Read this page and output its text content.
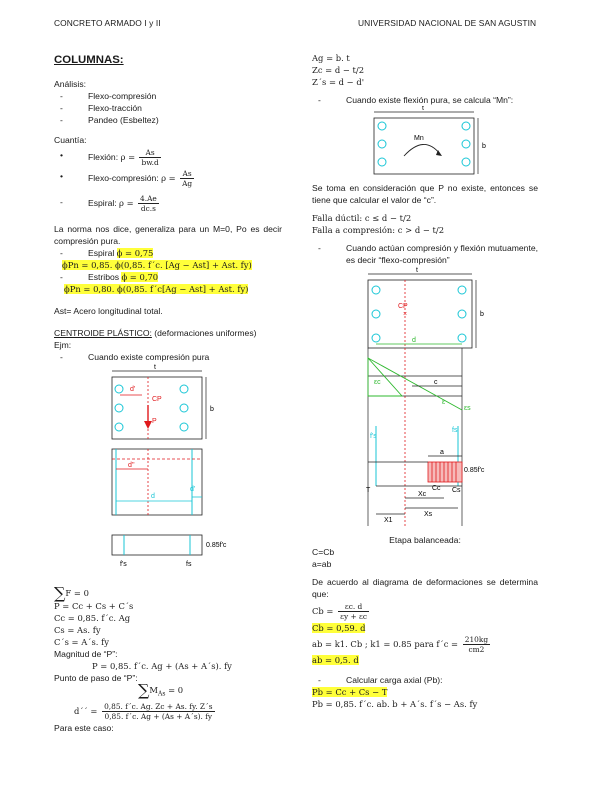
CONCRETO ARMADO I y II	UNIVERSIDAD NACIONAL DE SAN AGUSTIN
COLUMNAS:
Análisis:
- Flexo-compresión
- Flexo-tracción
- Pandeo (Esbeltez)
Cuantía:
• Flexión: $\rho = \frac{As}{bw.d}$
• Flexo-compresión: $\rho = \frac{As}{Ag}$
- Espiral: $\rho = \frac{4.Ae}{dc.s}$
La norma nos dice, generaliza para un M=0, Po es decir compresión pura.
- Espiral ϕ = 0,75
ϕPn = 0,85. ϕ(0,85. f´c. [Ag − Ast] + Ast. fy)
- Estribos ϕ = 0,70
ϕPn = 0,80. ϕ(0,85. f´c[Ag − Ast] + Ast. fy)
Ast= Acero longitudinal total.
CENTROIDE PLÁSTICO: (deformaciones uniformes)
Ejm:
- Cuando existe compresión pura
t
b
d'
CP
P
d''
d
d'
0.85f'c
f's	fs
∑F = 0
P = Cc + Cs + C´s
Cc = 0,85. f´c. Ag
Cs = As. fy
C´s = A´s. fy
Magnitud de “P”:
P = 0,85. f´c. Ag + (As + A´s). fy
Punto de paso de “P”:
$\sum M_{As} = 0$
d´´ = $\frac{0,85. f´c. Ag. Zc + As. fy. Z´s}{0,85. f´c. Ag + (As + A´s). fy}$
Para este caso:
Ag = b. t
Zc = d − t/2
Z´s = d − d'
- Cuando existe flexión pura, se calcula “Mn”:
t
b
Mn
Se toma en consideración que P no existe, entonces se tiene que calcular el valor de “c”.
Falla dúctil: c ≤ d − t/2
Falla a compresión: c > d − t/2
- Cuando actúan compresión y flexión mutuamente, es decir “flexo-compresión”
t
b
CP
×
d
εc	c
ε
εs
f's
fs
a
0.85f'c
Cc Cs
T
Xc
Xs
X1
Etapa balanceada:
C=Cb
a=ab
De acuerdo al diagrama de deformaciones se determina que:
$Cb = \frac{\varepsilon c. d}{\varepsilon y + \varepsilon c}$
Cb = 0,59. d
ab = k1. Cb ; k1 = 0.85 para f´c = $\frac{210kg}{cm2}$
ab = 0,5. d
- Calcular carga axial (Pb):
Pb = Cc + Cs − T
Pb = 0,85. f´c. ab. b + A´s. f´s − As. fy
